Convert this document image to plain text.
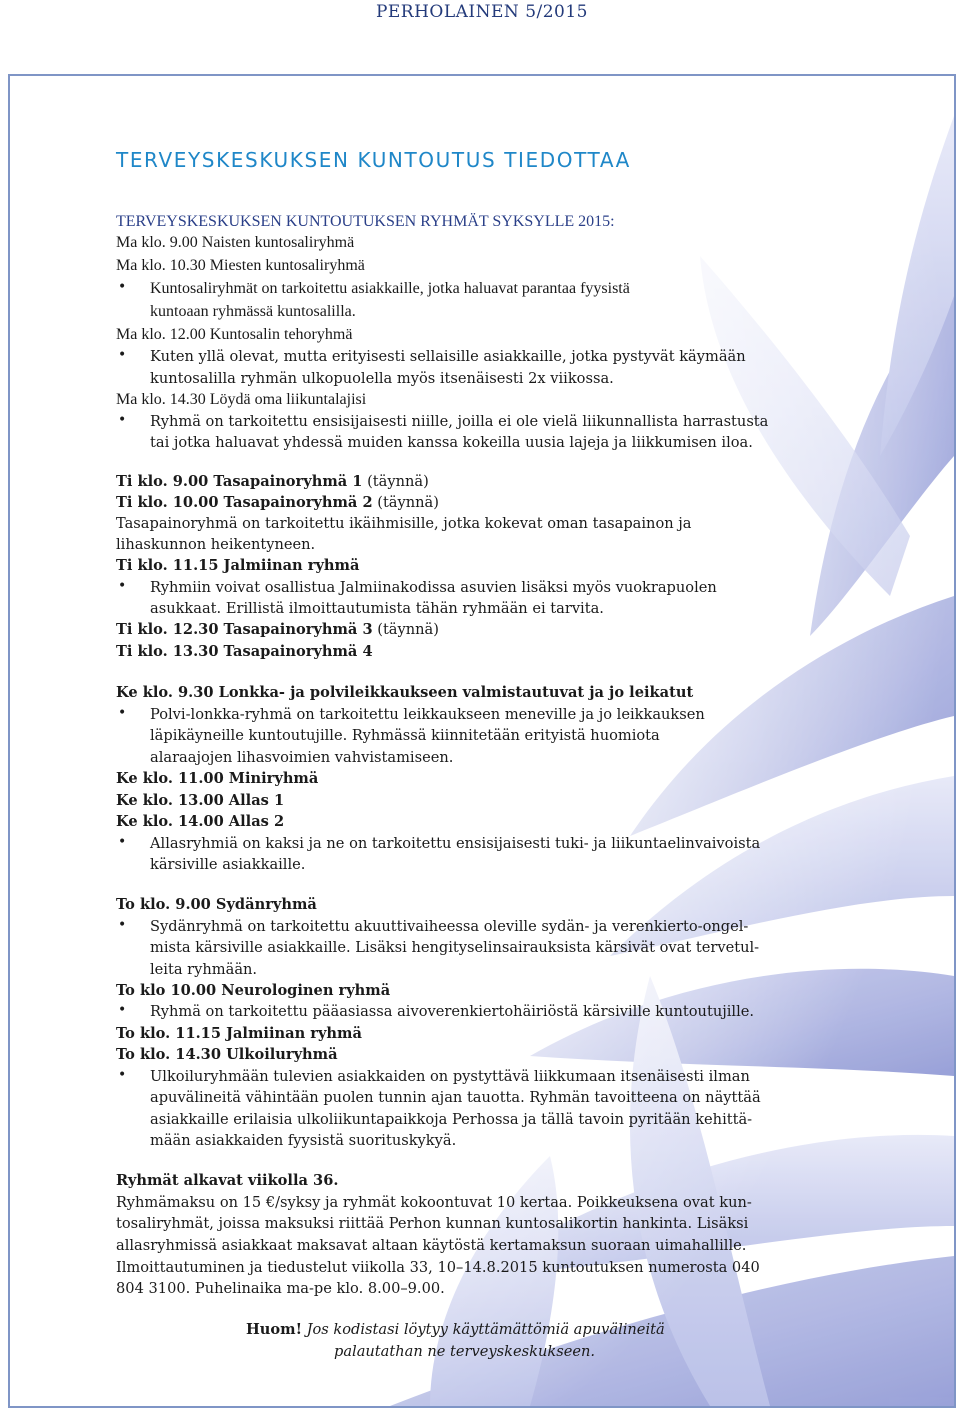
PERHOLAINEN 5/2015
TERVEYSKESKUKSEN KUNTOUTUS TIEDOTTAA
TERVEYSKESKUKSEN KUNTOUTUKSEN RYHMÄT SYKSYLLE 2015:
Ma klo. 9.00 Naisten kuntosaliryhmä
Ma klo. 10.30 Miesten kuntosaliryhmä
• Kuntosaliryhmät on tarkoitettu asiakkaille, jotka haluavat parantaa fyysistä
kuntoaan ryhmässä kuntosalilla.
Ma klo. 12.00 Kuntosalin tehoryhmä
• Kuten yllä olevat, mutta erityisesti sellaisille asiakkaille, jotka pystyvät käymään
kuntosalilla ryhmän ulkopuolella myös itsenäisesti 2x viikossa.
Ma klo. 14.30 Löydä oma liikuntalajisi
• Ryhmä on tarkoitettu ensisijaisesti niille, joilla ei ole vielä liikunnallista harrastusta
tai jotka haluavat yhdessä muiden kanssa kokeilla uusia lajeja ja liikkumisen iloa.
Ti klo. 9.00 Tasapainoryhmä 1 (täynnä)
Ti klo. 10.00 Tasapainoryhmä 2 (täynnä)
Tasapainoryhmä on tarkoitettu ikäihmisille, jotka kokevat oman tasapainon ja
lihaskunnon heikentyneen.
Ti klo. 11.15 Jalmiinan ryhmä
• Ryhmiin voivat osallistua Jalmiinakodissa asuvien lisäksi myös vuokrapuolen
asukkaat. Erillistä ilmoittautumista tähän ryhmään ei tarvita.
Ti klo. 12.30 Tasapainoryhmä 3 (täynnä)
Ti klo. 13.30 Tasapainoryhmä 4
Ke klo. 9.30 Lonkka- ja polvileikkaukseen valmistautuvat ja jo leikatut
• Polvi-lonkka-ryhmä on tarkoitettu leikkaukseen meneville ja jo leikkauksen
läpikäyneille kuntoutujille. Ryhmässä kiinnitetään erityistä huomiota
alaraajojen lihasvoimien vahvistamiseen.
Ke klo. 11.00 Miniryhmä
Ke klo. 13.00 Allas 1
Ke klo. 14.00 Allas 2
• Allasryhmiä on kaksi ja ne on tarkoitettu ensisijaisesti tuki- ja liikuntaelinvaivoista
kärsiville asiakkaille.
To klo. 9.00 Sydänryhmä
• Sydänryhmä on tarkoitettu akuuttivaiheessa oleville sydän- ja verenkierto-ongel-
mista kärsiville asiakkaille. Lisäksi hengityselinsairauksista kärsivät ovat tervetul-
leita ryhmään.
To klo 10.00 Neurologinen ryhmä
• Ryhmä on tarkoitettu pääasiassa aivoverenkiertohäiriöstä kärsiville kuntoutujille.
To klo. 11.15 Jalmiinan ryhmä
To klo. 14.30 Ulkoiluryhmä
• Ulkoiluryhmään tulevien asiakkaiden on pystyttävä liikkumaan itsenäisesti ilman
apuvälineitä vähintään puolen tunnin ajan tauotta. Ryhmän tavoitteena on näyttää
asiakkaille erilaisia ulkoliikuntapaikkoja Perhossa ja tällä tavoin pyritään kehittä-
mään asiakkaiden fyysistä suorituskykyä.
Ryhmät alkavat viikolla 36.
Ryhmämaksu on 15 €/syksy ja ryhmät kokoontuvat 10 kertaa. Poikkeuksena ovat kun-
tosaliryhmät, joissa maksuksi riittää Perhon kunnan kuntosalikortin hankinta. Lisäksi
allasryhmissä asiakkaat maksavat altaan käytöstä kertamaksun suoraan uimahallille.
Ilmoittautuminen ja tiedustelut viikolla 33, 10–14.8.2015 kuntoutuksen numerosta 040
804 3100. Puhelinaika ma-pe klo. 8.00–9.00.
Huom! Jos kodistasi löytyy käyttämättömiä apuvälineitä
palautathan ne terveyskeskukseen.
